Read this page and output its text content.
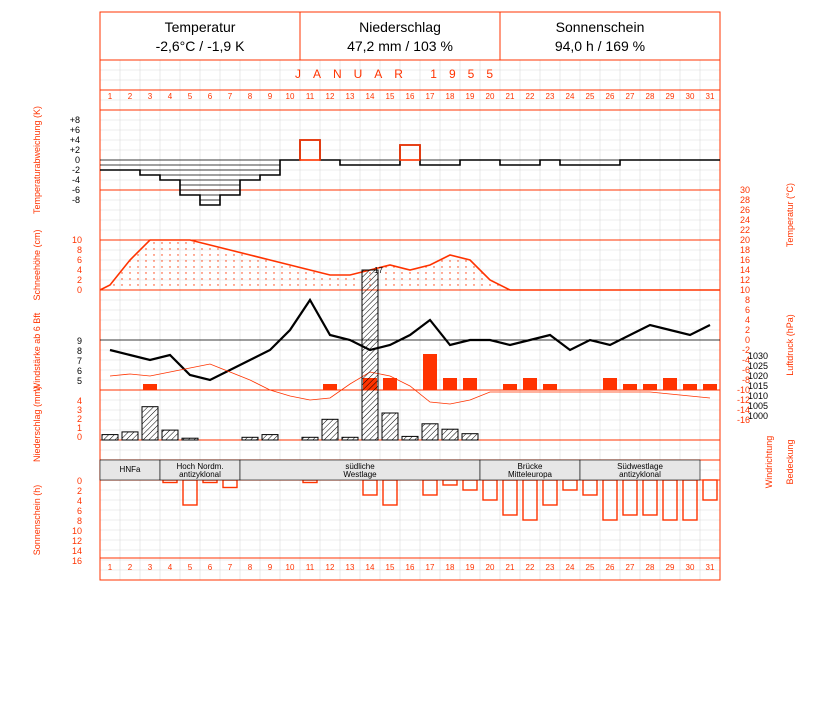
Temperatur
-2,6°C / -1,9 K
Niederschlag
47,2 mm / 103 %
Sonnenschein
94,0 h / 169 %
JANUAR 1955
1 2 3 4 5 6 7 8 9 10 11 12 13 14 15 16 17 18 19 20 21 22 23 24 25 26 27 28 29 30 31
1 2 3 4 5 6 7 8 9 10 11 12 13 14 15 16 17 18 19 20 21 22 23 24 25 26 27 28 29 30 31
Temperaturabweichung (K)
Schneehöhe (cm)
Windstärke ab 6 Bft
Niederschlag (mm)
Sonnenschein (h)
Temperatur (°C)
Luftdruck (hPa)
Windrichtung Bedeckung
+8
+6
+4
+2
0
-2
-4
-6
-8
10
8
6
4
2
0
9
8
7
6
5
4
3
2
1
0
0
2
4
6
8
10
12
14
16
30
28
26
24
22
20
18
16
14
12
10
8
6
4
2
0
-2
-4
-6
-8
-10
-12
-14
-16
1030
1025
1020
1015
1010
1005
1000
HNFa	Hoch Nordm.
antizyklonal
südliche
Westlage
Brücke
Mitteleuropa
Südwestlage
antizyklonal
17
